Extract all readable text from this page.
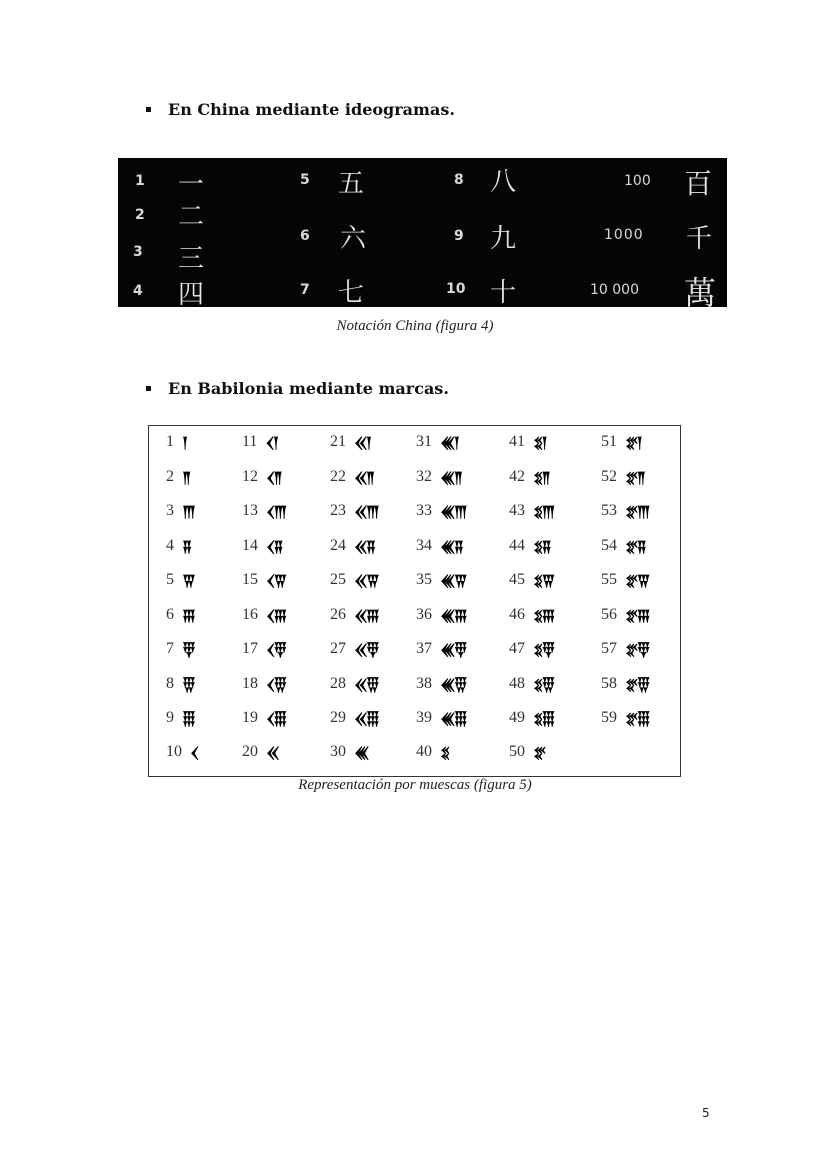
En China mediante ideogramas.
1 一
2 二
3 三
4 四
5 五
6 六
7 七
8 八
9 九
10 十
100 百
1000 千
10 000 萬
Notación China (figura 4)
En Babilonia mediante marcas.
1 𒁹
2 𒈫
3 𒐈
4 𒐉
5 𒐊
6 𒐋
7 𒑂
8 𒑄
9 𒑆
10 𒌋
11 𒌋𒁹
12 𒌋𒈫
13 𒌋𒐈
14 𒌋𒐉
15 𒌋𒐊
16 𒌋𒐋
17 𒌋𒑂
18 𒌋𒑄
19 𒌋𒑆
20 𒎙
21 𒎙𒁹
22 𒎙𒈫
23 𒎙𒐈
24 𒎙𒐉
25 𒎙𒐊
26 𒎙𒐋
27 𒎙𒑂
28 𒎙𒑄
29 𒎙𒑆
30 𒌍
31 𒌍𒁹
32 𒌍𒈫
33 𒌍𒐈
34 𒌍𒐉
35 𒌍𒐊
36 𒌍𒐋
37 𒌍𒑂
38 𒌍𒑄
39 𒌍𒑆
40 𒐏
41 𒐏𒁹
42 𒐏𒈫
43 𒐏𒐈
44 𒐏𒐉
45 𒐏𒐊
46 𒐏𒐋
47 𒐏𒑂
48 𒐏𒑄
49 𒐏𒑆
50 𒐐
51 𒐐𒁹
52 𒐐𒈫
53 𒐐𒐈
54 𒐐𒐉
55 𒐐𒐊
56 𒐐𒐋
57 𒐐𒑂
58 𒐐𒑄
59 𒐐𒑆
Representación por muescas (figura 5)
5
